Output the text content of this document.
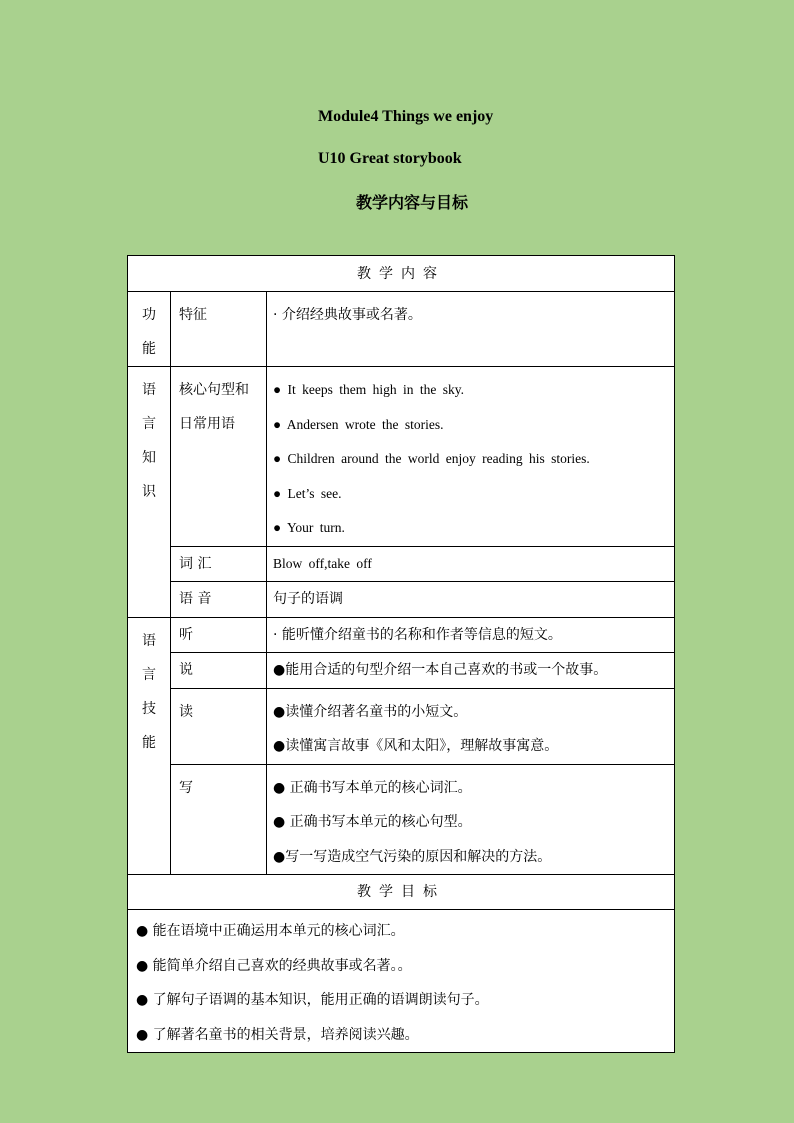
Module4 Things we enjoy
U10 Great storybook
教学内容与目标
教学内容		

功
能	特征	· 介绍经典故事或名著。

语
言
知
识	核心句型和
日常用语	● It keeps them high in the sky.
● Andersen wrote the stories.
● Children around the world enjoy reading his stories.
● Let’s see.
● Your turn.

	词 汇	Blow off,take off

	语 音	句子的语调

语
言
技
能	听	· 能听懂介绍童书的名称和作者等信息的短文。

	说	●能用合适的句型介绍一本自己喜欢的书或一个故事。

	读	●读懂介绍著名童书的小短文。
●读懂寓言故事《风和太阳》，理解故事寓意。

	写	● 正确书写本单元的核心词汇。
● 正确书写本单元的核心句型。
●写一写造成空气污染的原因和解决的方法。

教学目标		

● 能在语境中正确运用本单元的核心词汇。
● 能简单介绍自己喜欢的经典故事或名著。。
● 了解句子语调的基本知识，能用正确的语调朗读句子。
● 了解著名童书的相关背景，培养阅读兴趣。		
